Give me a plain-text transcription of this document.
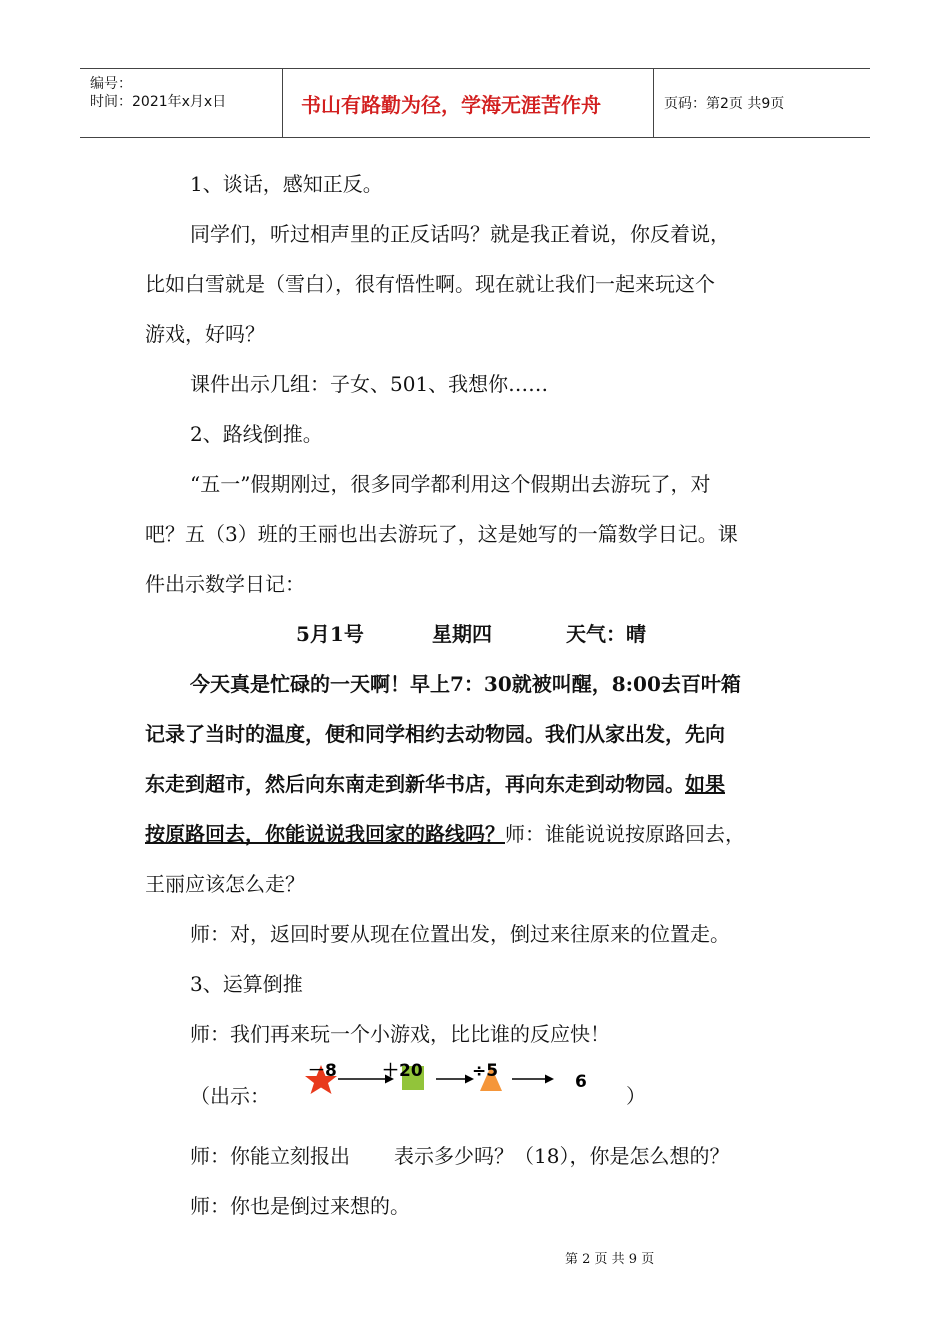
编号：
时间：2021年x月x日	书山有路勤为径，学海无涯苦作舟	页码：第2页 共9页
1、谈话，感知正反。
同学们，听过相声里的正反话吗？就是我正着说，你反着说，
比如白雪就是（雪白），很有悟性啊。现在就让我们一起来玩这个
游戏，好吗？
课件出示几组：子女、501、我想你……
2、路线倒推。
“五一”假期刚过，很多同学都利用这个假期出去游玩了，对
吧？五（3）班的王丽也出去游玩了，这是她写的一篇数学日记。课
件出示数学日记：
5月1号	星期四	天气：晴
今天真是忙碌的一天啊！早上7：30就被叫醒，8:00去百叶箱
记录了当时的温度，便和同学相约去动物园。我们从家出发，先向
东走到超市，然后向东南走到新华书店，再向东走到动物园。如果
按原路回去，你能说说我回家的路线吗？师：谁能说说按原路回去，
王丽应该怎么走？
师：对，返回时要从现在位置出发，倒过来往原来的位置走。
3、运算倒推
师：我们再来玩一个小游戏，比比谁的反应快！
（出示：	）
－8	＋20	÷5
6
师：你能立刻报出 表示多少吗？（18），你是怎么想的？
师：你也是倒过来想的。
第 2 页 共 9 页
